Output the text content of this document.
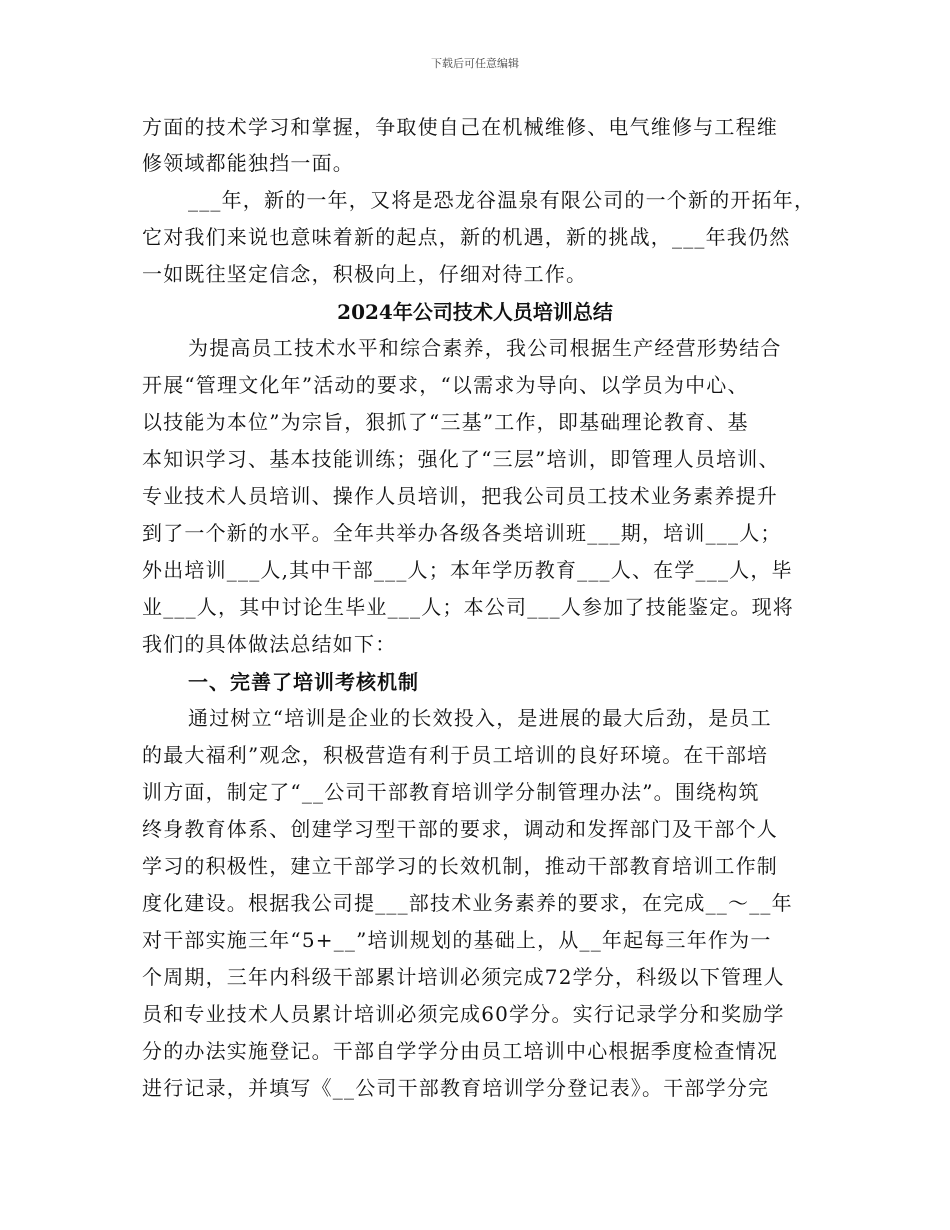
下载后可任意编辑
方面的技术学习和掌握，争取使自己在机械维修、电气维修与工程维
修领域都能独挡一面。
___年，新的一年，又将是恐龙谷温泉有限公司的一个新的开拓年，
它对我们来说也意味着新的起点，新的机遇，新的挑战，___年我仍然
一如既往坚定信念，积极向上，仔细对待工作。
2024年公司技术人员培训总结
为提高员工技术水平和综合素养，我公司根据生产经营形势结合
开展“管理文化年”活动的要求，“以需求为导向、以学员为中心、
以技能为本位”为宗旨，狠抓了“三基”工作，即基础理论教育、基
本知识学习、基本技能训练；强化了“三层”培训，即管理人员培训、
专业技术人员培训、操作人员培训，把我公司员工技术业务素养提升
到了一个新的水平。全年共举办各级各类培训班___期，培训___人；
外出培训___人,其中干部___人；本年学历教育___人、在学___人，毕
业___人，其中讨论生毕业___人；本公司___人参加了技能鉴定。现将
我们的具体做法总结如下：
一、完善了培训考核机制
通过树立“培训是企业的长效投入，是进展的最大后劲，是员工
的最大福利”观念，积极营造有利于员工培训的良好环境。在干部培
训方面，制定了“__公司干部教育培训学分制管理办法”。围绕构筑
终身教育体系、创建学习型干部的要求，调动和发挥部门及干部个人
学习的积极性，建立干部学习的长效机制，推动干部教育培训工作制
度化建设。根据我公司提___部技术业务素养的要求，在完成__～__年
对干部实施三年“5+__”培训规划的基础上，从__年起每三年作为一
个周期，三年内科级干部累计培训必须完成72学分，科级以下管理人
员和专业技术人员累计培训必须完成60学分。实行记录学分和奖励学
分的办法实施登记。干部自学学分由员工培训中心根据季度检查情况
进行记录，并填写《__公司干部教育培训学分登记表》。干部学分完
